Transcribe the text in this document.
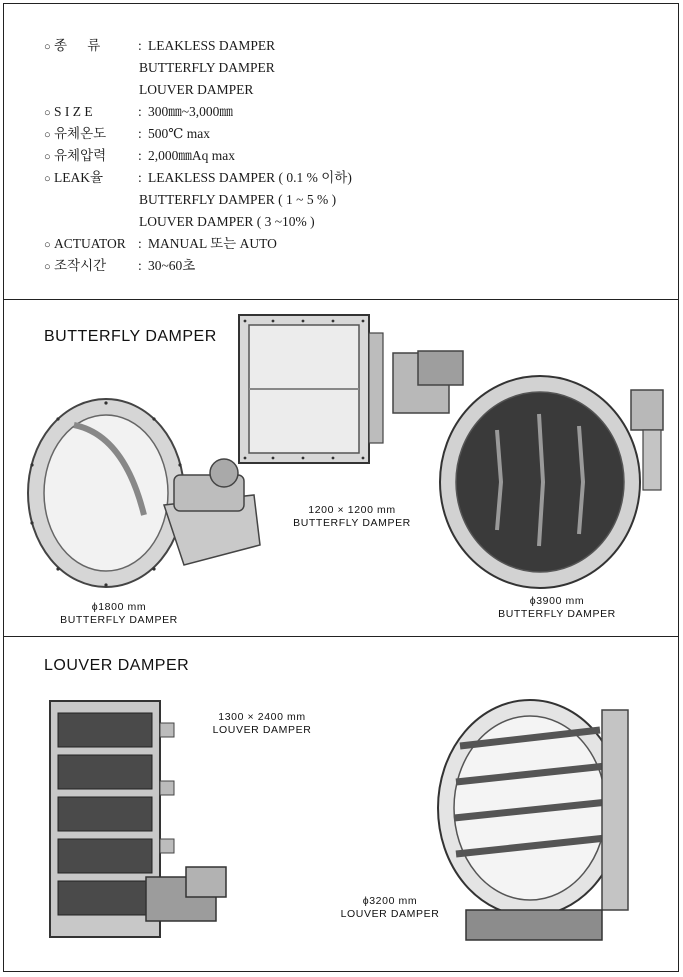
○ 종 　 류	: LEAKLESS DAMPER
BUTTERFLY DAMPER
LOUVER DAMPER
○ S I Z E	: 300㎜~3,000㎜
○ 유체온도 : 500℃ max
○ 유체압력 : 2,000㎜Aq max
○ LEAK율	: LEAKLESS DAMPER ( 0.1 % 이하)
BUTTERFLY DAMPER ( 1 ~ 5 % )
LOUVER DAMPER ( 3 ~10% )
○ ACTUATOR : MANUAL 또는 AUTO
○ 조작시간 : 30~60초
BUTTERFLY DAMPER
ϕ1800 mm
BUTTERFLY DAMPER
1200 × 1200 mm
BUTTERFLY DAMPER
ϕ3900 mm
BUTTERFLY DAMPER
LOUVER DAMPER
1300 × 2400 mm
LOUVER DAMPER
ϕ3200 mm
LOUVER DAMPER
